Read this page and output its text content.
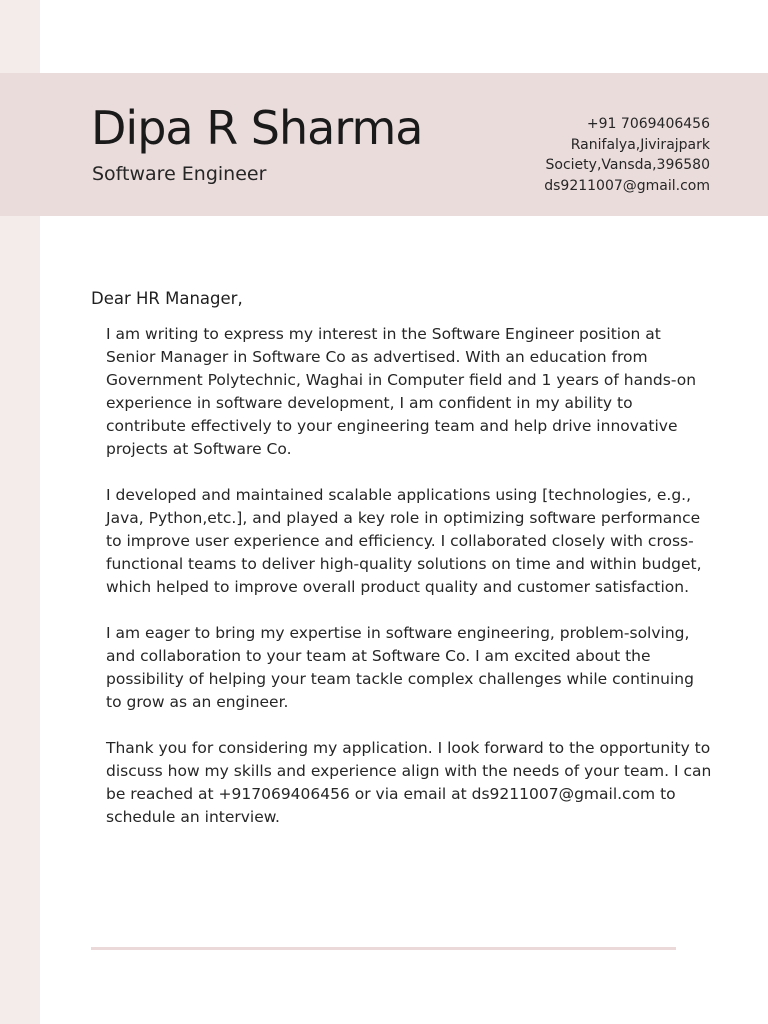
Dipa R Sharma
Software Engineer
+91 7069406456
Ranifalya,Jivirajpark
Society,Vansda,396580
ds9211007@gmail.com
Dear HR Manager,

I am writing to express my interest in the Software Engineer position at Senior Manager in Software Co as advertised. With an education from Government Polytechnic, Waghai in Computer field and 1 years of hands-on experience in software development, I am confident in my ability to contribute effectively to your engineering team and help drive innovative projects at Software Co.

I developed and maintained scalable applications using [technologies, e.g., Java, Python,etc.], and played a key role in optimizing software performance to improve user experience and efficiency. I collaborated closely with cross-functional teams to deliver high-quality solutions on time and within budget, which helped to improve overall product quality and customer satisfaction.

I am eager to bring my expertise in software engineering, problem-solving, and collaboration to your team at Software Co. I am excited about the possibility of helping your team tackle complex challenges while continuing to grow as an engineer.

Thank you for considering my application. I look forward to the opportunity to discuss how my skills and experience align with the needs of your team. I can be reached at +917069406456 or via email at ds9211007@gmail.com to schedule an interview.
